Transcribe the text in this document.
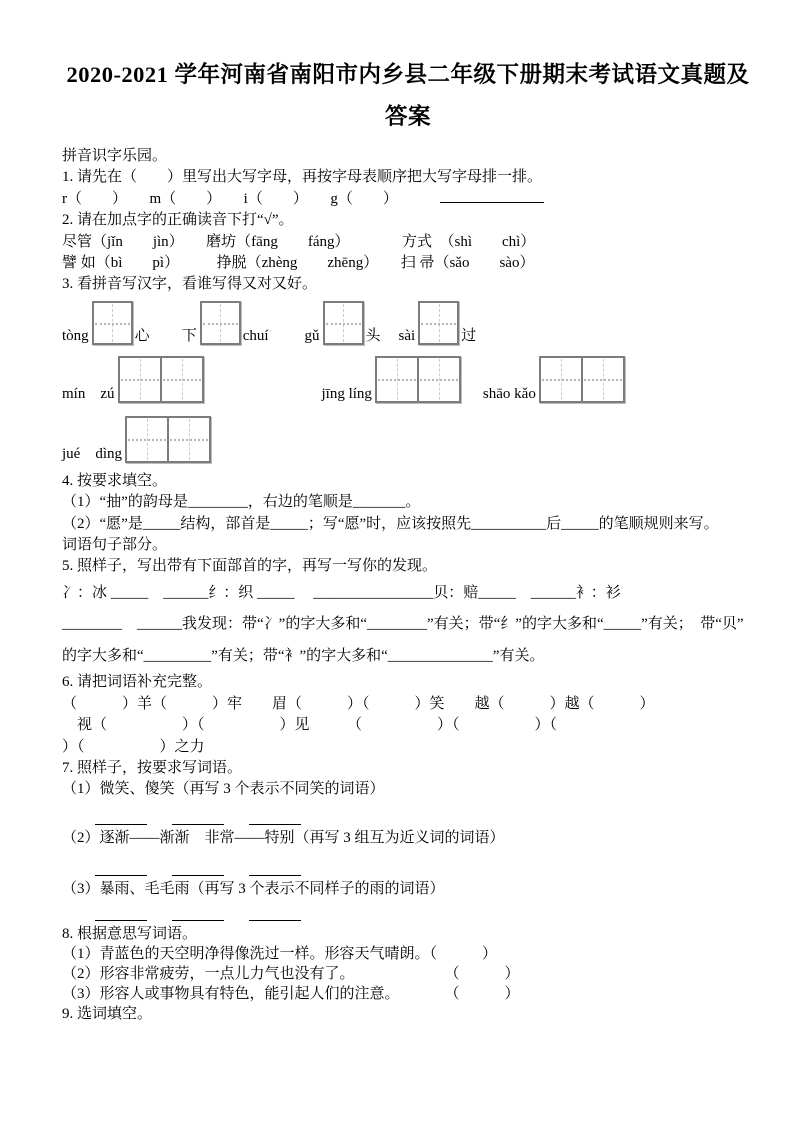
2020-2021 学年河南省南阳市内乡县二年级下册期末考试语文真题及
答案
拼音识字乐园。
1. 请先在（　　）里写出大写字母，再按字母表顺序把大写字母排一排。
r（　　）　　m（　　）　　i（　　）　　g（　　）
2. 请在加点字的正确读音下打“√”。
尽管（jǐn　　jìn）　　磨坊（fāng　　fáng）　　　　方式　（shì　　chì）
譬 如（bì　　pì）　　　挣脱（zhèng　　zhēng）　　扫 帚（sǎo　　sào）
3. 看拼音写汉字，看谁写得又对又好。
tòng	心 下	chuí gǔ	头 sài	过
mín　zú	jīng líng	shāo kǎo
jué　dìng
4. 按要求填空。
（1）“抽”的韵母是________，右边的笔顺是_______。
（2）“愿”是_____结构，部首是_____；写“愿”时，应该按照先__________后_____的笔顺规则来写。
词语句子部分。
5. 照样子，写出带有下面部首的字，再写一写你的发现。
冫：冰 _____　______纟：织 _____　 ________________贝：赔_____　______衤：衫
________　______我发现：带“冫”的字大多和“________”有关；带“纟”的字大多和“_____”有关；  带“贝”
的字大多和“_________”有关；带“衤”的字大多和“______________”有关。
6. 请把词语补充完整。
（　　　）羊（　　　）牢　　眉（　　　）（　　　）笑　　越（　　　）越（　　　）
　视（　　　　　）（　　　　　）见　　　（　　　　　）（　　　　　）（
）（　　　　　）之力
7. 照样子，按要求写词语。
（1）微笑、傻笑（再写 3 个表示不同笑的词语）
（2）逐渐——渐渐　非常——特别（再写 3 组互为近义词的词语）
（3）暴雨、毛毛雨（再写 3 个表示不同样子的雨的词语）
8. 根据意思写词语。
（1）青蓝色的天空明净得像洗过一样。形容天气晴朗。（　　　）
（2）形容非常疲劳，一点儿力气也没有了。　　　　　　　（　　　）
（3）形容人或事物具有特色，能引起人们的注意。　　　　（　　　）
9. 选词填空。
